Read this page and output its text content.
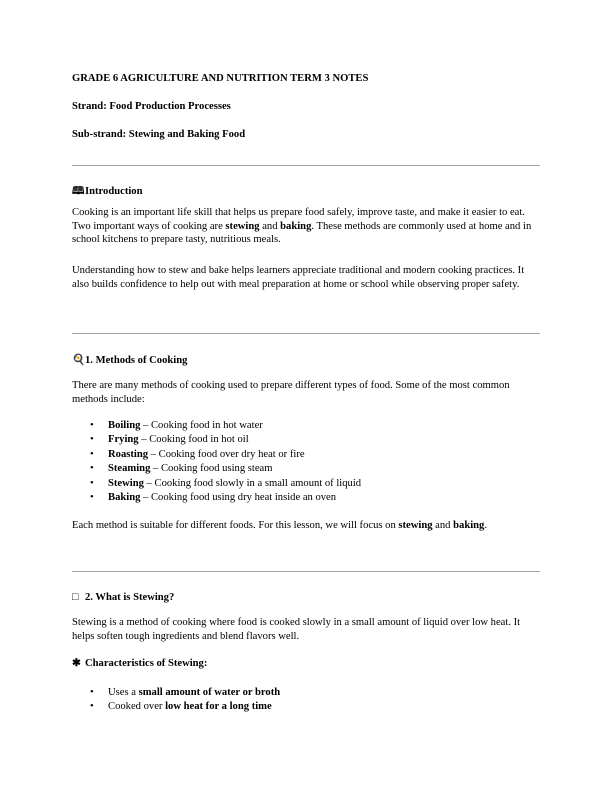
GRADE 6 AGRICULTURE AND NUTRITION TERM 3 NOTES
Strand: Food Production Processes
Sub-strand: Stewing and Baking Food
🕮Introduction

Cooking is an important life skill that helps us prepare food safely, improve taste, and make it easier to eat. Two important ways of cooking are stewing and baking. These methods are commonly used at home and in school kitchens to prepare tasty, nutritious meals.

Understanding how to stew and bake helps learners appreciate traditional and modern cooking practices. It also builds confidence to help out with meal preparation at home or school while observing proper safety.

🍳1. Methods of Cooking

There are many methods of cooking used to prepare different types of food. Some of the most common methods include:

• Boiling – Cooking food in hot water
• Frying – Cooking food in hot oil
• Roasting – Cooking food over dry heat or fire
• Steaming – Cooking food using steam
• Stewing – Cooking food slowly in a small amount of liquid
• Baking – Cooking food using dry heat inside an oven

Each method is suitable for different foods. For this lesson, we will focus on stewing and baking.

□ 2. What is Stewing?

Stewing is a method of cooking where food is cooked slowly in a small amount of liquid over low heat. It helps soften tough ingredients and blend flavors well.

✱ Characteristics of Stewing:
• Uses a small amount of water or broth
• Cooked over low heat for a long time
